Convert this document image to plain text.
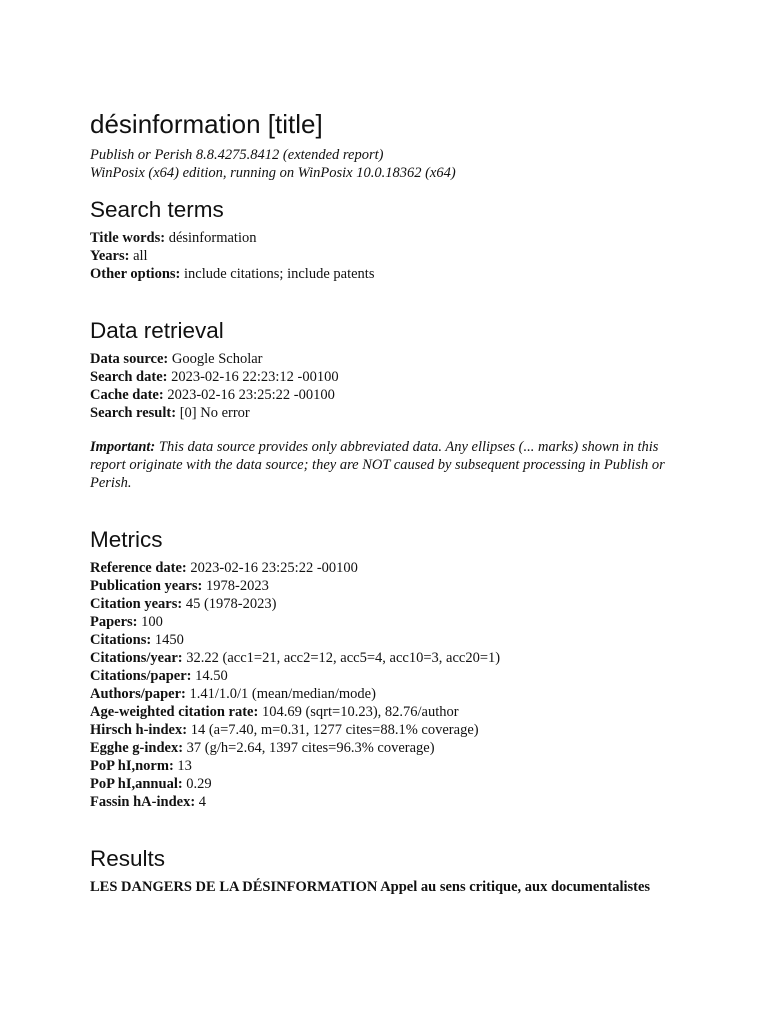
désinformation [title]
Publish or Perish 8.8.4275.8412 (extended report)
WinPosix (x64) edition, running on WinPosix 10.0.18362 (x64)
Search terms
Title words: désinformation
Years: all
Other options: include citations; include patents
Data retrieval
Data source: Google Scholar
Search date: 2023-02-16 22:23:12 -00100
Cache date: 2023-02-16 23:25:22 -00100
Search result: [0] No error
Important: This data source provides only abbreviated data. Any ellipses (... marks) shown in this report originate with the data source; they are NOT caused by subsequent processing in Publish or Perish.
Metrics
Reference date: 2023-02-16 23:25:22 -00100
Publication years: 1978-2023
Citation years: 45 (1978-2023)
Papers: 100
Citations: 1450
Citations/year: 32.22 (acc1=21, acc2=12, acc5=4, acc10=3, acc20=1)
Citations/paper: 14.50
Authors/paper: 1.41/1.0/1 (mean/median/mode)
Age-weighted citation rate: 104.69 (sqrt=10.23), 82.76/author
Hirsch h-index: 14 (a=7.40, m=0.31, 1277 cites=88.1% coverage)
Egghe g-index: 37 (g/h=2.64, 1397 cites=96.3% coverage)
PoP hI,norm: 13
PoP hI,annual: 0.29
Fassin hA-index: 4
Results
LES DANGERS DE LA DÉSINFORMATION Appel au sens critique, aux documentalistes
